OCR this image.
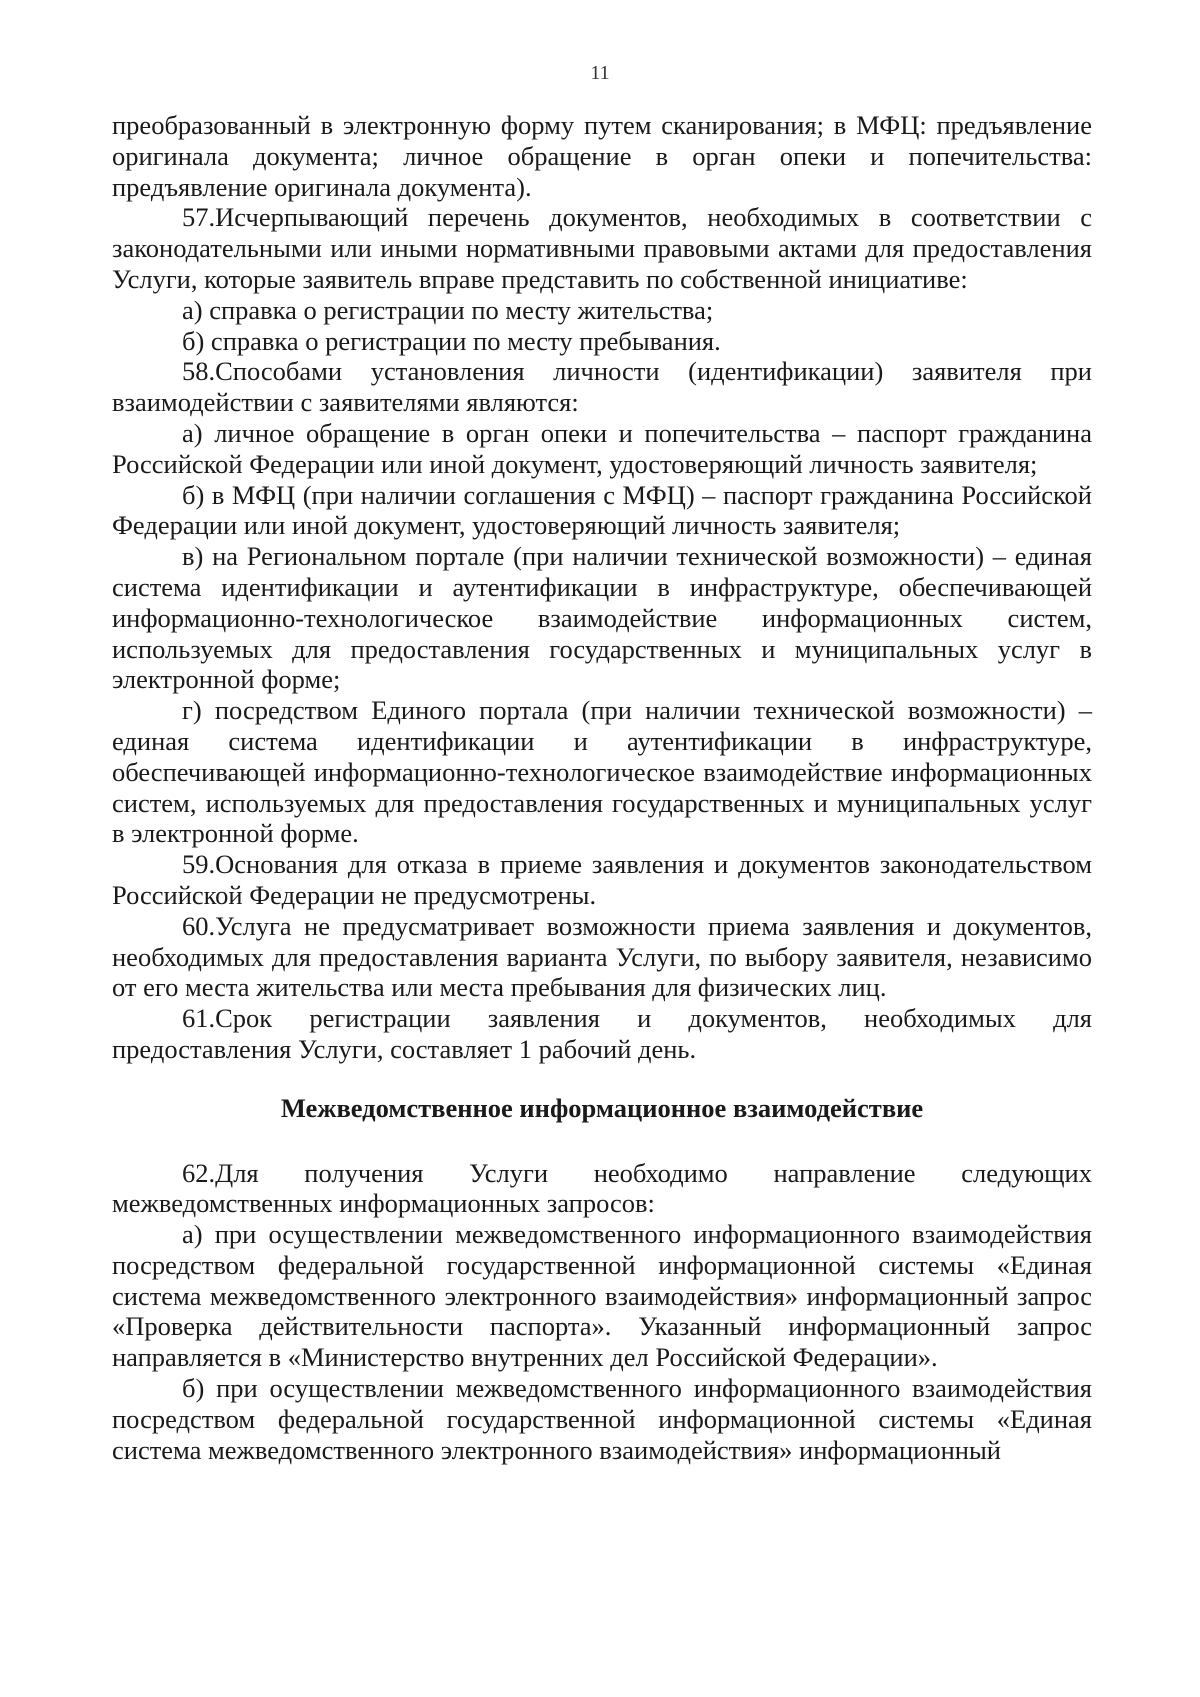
11

преобразованный в электронную форму путем сканирования; в МФЦ: предъявление оригинала документа; личное обращение в орган опеки и попечительства: предъявление оригинала документа).

57.Исчерпывающий перечень документов, необходимых в соответствии с законодательными или иными нормативными правовыми актами для предоставления Услуги, которые заявитель вправе представить по собственной инициативе:

а) справка о регистрации по месту жительства;

б) справка о регистрации по месту пребывания.

58.Способами установления личности (идентификации) заявителя при взаимодействии с заявителями являются:

а) личное обращение в орган опеки и попечительства – паспорт гражданина Российской Федерации или иной документ, удостоверяющий личность заявителя;

б) в МФЦ (при наличии соглашения с МФЦ) – паспорт гражданина Российской Федерации или иной документ, удостоверяющий личность заявителя;

в) на Региональном портале (при наличии технической возможности) – единая система идентификации и аутентификации в инфраструктуре, обеспечивающей информационно-технологическое взаимодействие информационных систем, используемых для предоставления государственных и муниципальных услуг в электронной форме;

г) посредством Единого портала (при наличии технической возможности) – единая система идентификации и аутентификации в инфраструктуре, обеспечивающей информационно-технологическое взаимодействие информационных систем, используемых для предоставления государственных и муниципальных услуг в электронной форме.

59.Основания для отказа в приеме заявления и документов законодательством Российской Федерации не предусмотрены.

60.Услуга не предусматривает возможности приема заявления и документов, необходимых для предоставления варианта Услуги, по выбору заявителя, независимо от его места жительства или места пребывания для физических лиц.

61.Срок регистрации заявления и документов, необходимых для предоставления Услуги, составляет 1 рабочий день.

Межведомственное информационное взаимодействие

62.Для получения Услуги необходимо направление следующих межведомственных информационных запросов:

а) при осуществлении межведомственного информационного взаимодействия посредством федеральной государственной информационной системы «Единая система межведомственного электронного взаимодействия» информационный запрос «Проверка действительности паспорта». Указанный информационный запрос направляется в «Министерство внутренних дел Российской Федерации».

б) при осуществлении межведомственного информационного взаимодействия посредством федеральной государственной информационной системы «Единая система межведомственного электронного взаимодействия» информационный
